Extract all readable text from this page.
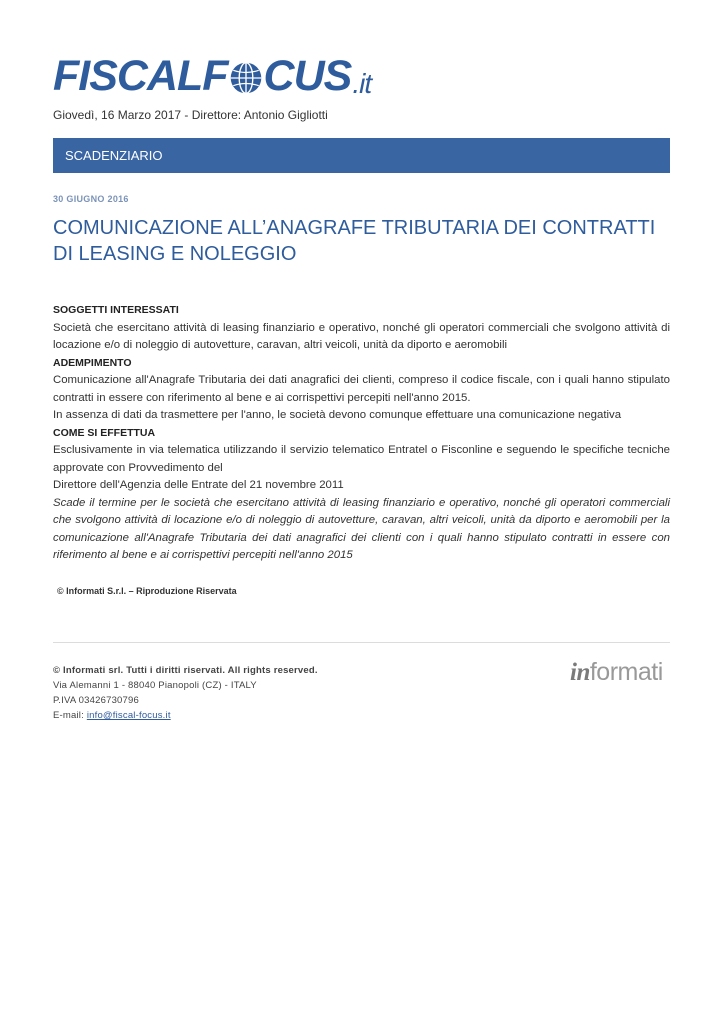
FISCALF CUS .it
Giovedì, 16 Marzo 2017 - Direttore: Antonio Gigliotti
SCADENZIARIO
30 GIUGNO 2016
COMUNICAZIONE ALL’ANAGRAFE TRIBUTARIA DEI CONTRATTI DI LEASING E NOLEGGIO

SOGGETTI INTERESSATI

Società che esercitano attività di leasing finanziario e operativo, nonché gli operatori commerciali che svolgono attività di locazione e/o di noleggio di autovetture, caravan, altri veicoli, unità da diporto e aeromobili

ADEMPIMENTO

Comunicazione all'Anagrafe Tributaria dei dati anagrafici dei clienti, compreso il codice fiscale, con i quali hanno stipulato contratti in essere con riferimento al bene e ai corrispettivi percepiti nell'anno 2015.

In assenza di dati da trasmettere per l'anno, le società devono comunque effettuare una comunicazione negativa

COME SI EFFETTUA

Esclusivamente in via telematica utilizzando il servizio telematico Entratel o Fisconline e seguendo le specifiche tecniche approvate con Provvedimento del

Direttore dell'Agenzia delle Entrate del 21 novembre 2011

Scade il termine per le società che esercitano attività di leasing finanziario e operativo, nonché gli operatori commerciali che svolgono attività di locazione e/o di noleggio di autovetture, caravan, altri veicoli, unità da diporto e aeromobili per la comunicazione all'Anagrafe Tributaria dei dati anagrafici dei clienti con i quali hanno stipulato contratti in essere con riferimento al bene e ai corrispettivi percepiti nell'anno 2015

© Informati S.r.l. – Riproduzione Riservata
© Informati srl. Tutti i diritti riservati. All rights reserved.
Via Alemanni 1 - 88040 Pianopoli (CZ) - ITALY
P.IVA 03426730796
E-mail: info@fiscal-focus.it
informati
